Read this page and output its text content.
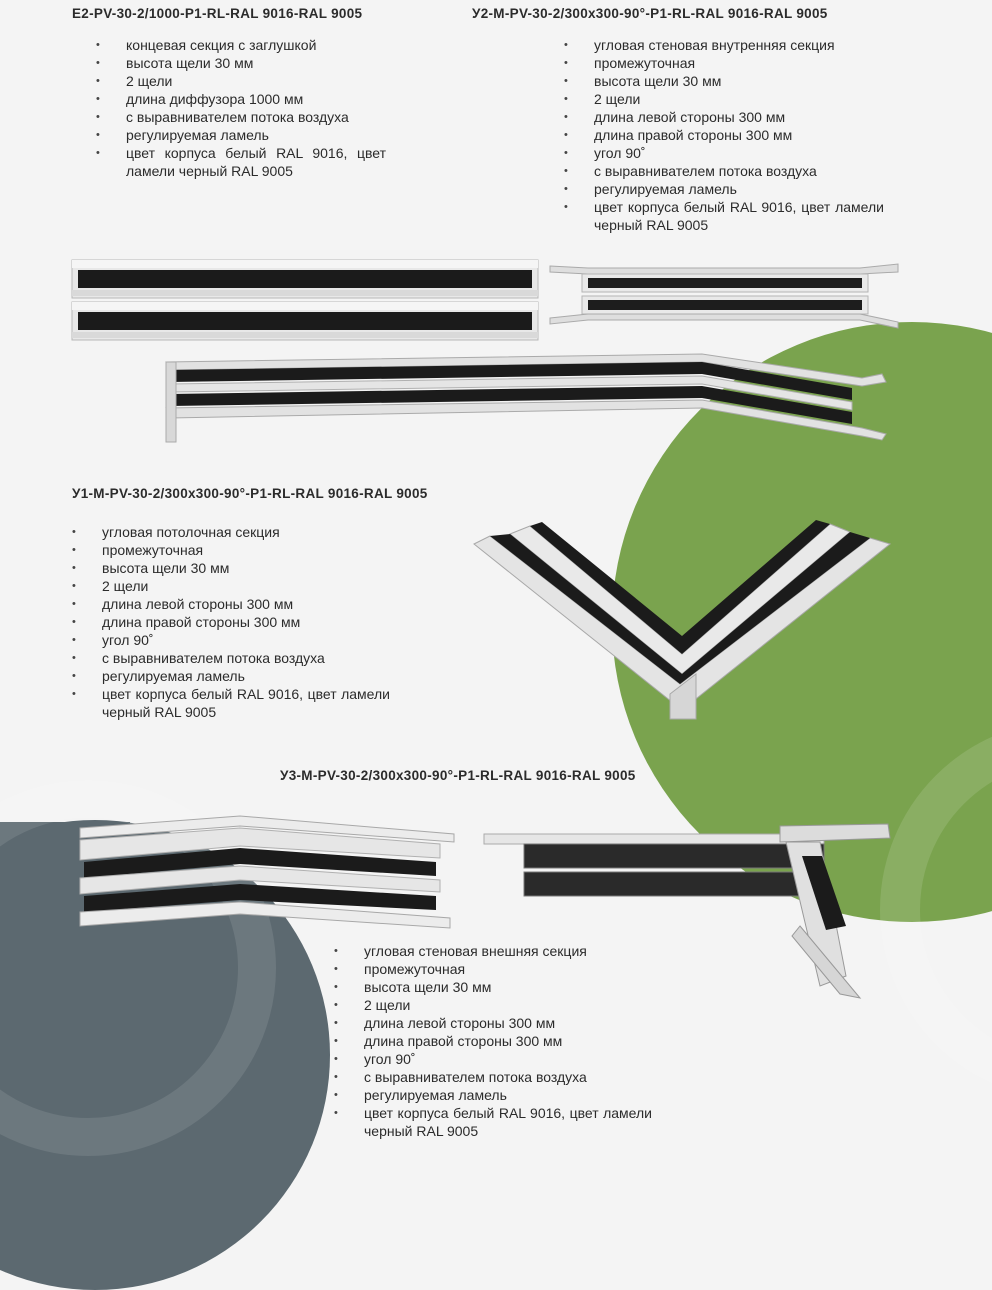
E2-PV-30-2/1000-P1-RL-RAL 9016-RAL 9005
• концевая секция с заглушкой
• высота щели 30 мм
• 2 щели
• длина диффузора 1000 мм
• с выравнивателем потока воздуха
• регулируемая ламель
• цвет корпуса белый RAL 9016, цвет ламели черный RAL 9005
У2-M-PV-30-2/300x300-90°-P1-RL-RAL 9016-RAL 9005
• угловая стеновая внутренняя секция
• промежуточная
• высота щели 30 мм
• 2 щели
• длина левой стороны 300 мм
• длина правой стороны 300 мм
• угол 90˚
• с выравнивателем потока воздуха
• регулируемая ламель
• цвет корпуса белый RAL 9016, цвет ламели черный RAL 9005
У1-M-PV-30-2/300x300-90°-P1-RL-RAL 9016-RAL 9005
• угловая потолочная секция
• промежуточная
• высота щели 30 мм
• 2 щели
• длина левой стороны 300 мм
• длина правой стороны 300 мм
• угол 90˚
• с выравнивателем потока воздуха
• регулируемая ламель
• цвет корпуса белый RAL 9016, цвет ламели черный RAL 9005
У3-M-PV-30-2/300x300-90°-P1-RL-RAL 9016-RAL 9005
• угловая стеновая внешняя секция
• промежуточная
• высота щели 30 мм
• 2 щели
• длина левой стороны 300 мм
• длина правой стороны 300 мм
• угол 90˚
• с выравнивателем потока воздуха
• регулируемая ламель
• цвет корпуса белый RAL 9016, цвет ламели черный RAL 9005
